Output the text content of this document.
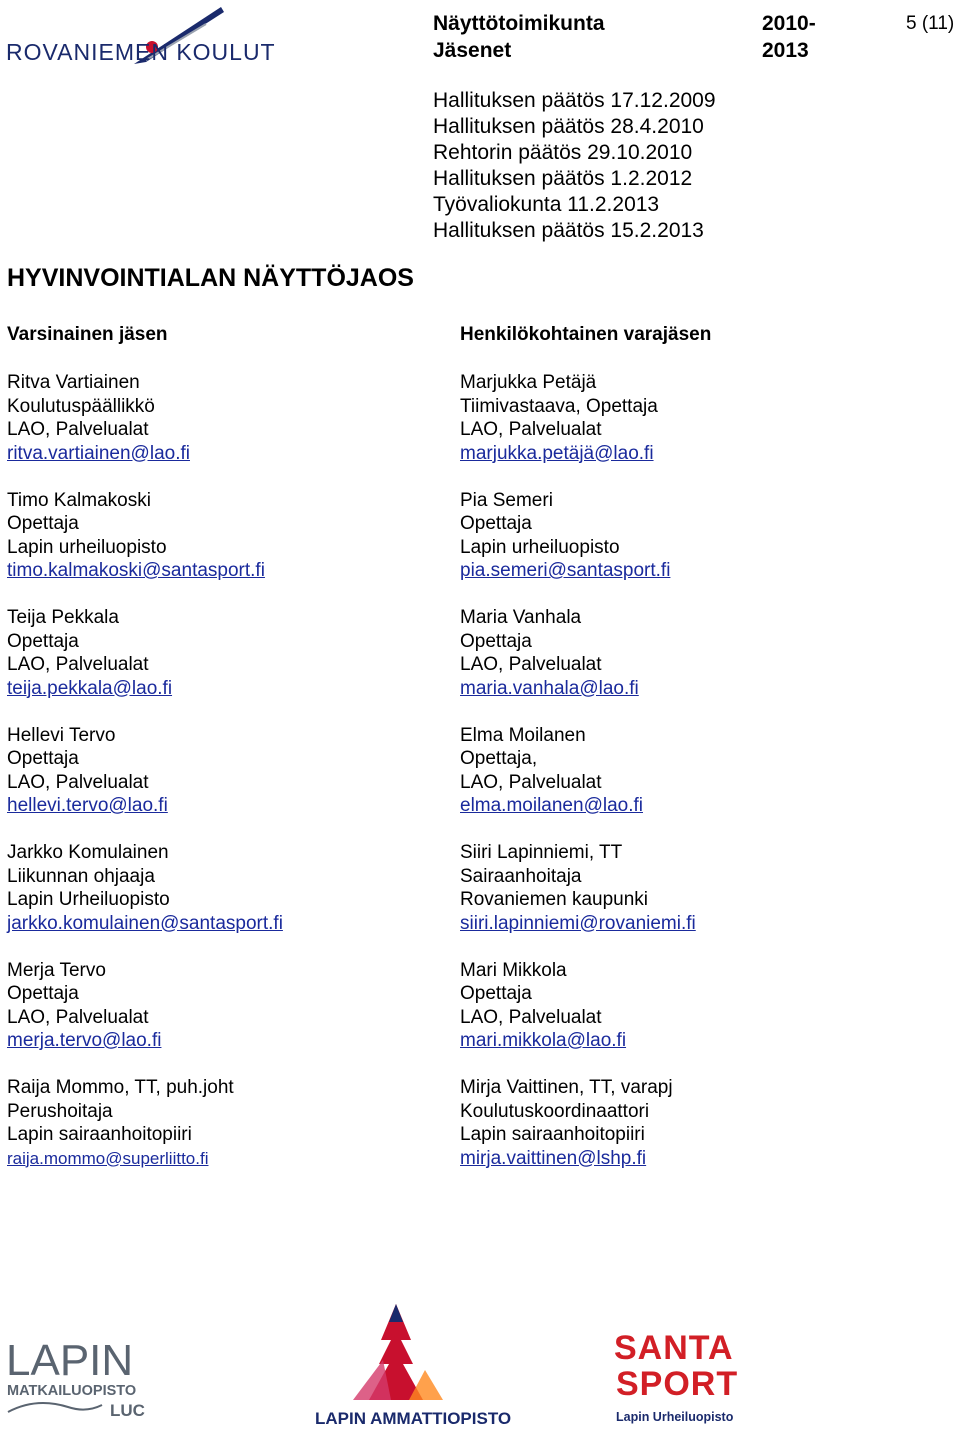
ROVANIEMEN KOULUT
Näyttötoimikunta
Jäsenet
2010-
2013
5 (11)
Hallituksen päätös 17.12.2009
Hallituksen päätös 28.4.2010
Rehtorin päätös 29.10.2010
Hallituksen päätös 1.2.2012
Työvaliokunta 11.2.2013
Hallituksen päätös 15.2.2013
HYVINVOINTIALAN NÄYTTÖJAOS
Varsinainen jäsen	Henkilökohtainen varajäsen
Ritva Vartiainen
Koulutuspäällikkö
LAO, Palvelualat
ritva.vartiainen@lao.fi
Timo Kalmakoski
Opettaja
Lapin urheiluopisto
timo.kalmakoski@santasport.fi
Teija Pekkala
Opettaja
LAO, Palvelualat
teija.pekkala@lao.fi
Hellevi Tervo
Opettaja
LAO, Palvelualat
hellevi.tervo@lao.fi
Jarkko Komulainen
Liikunnan ohjaaja
Lapin Urheiluopisto
jarkko.komulainen@santasport.fi
Merja Tervo
Opettaja
LAO, Palvelualat
merja.tervo@lao.fi
Raija Mommo, TT, puh.joht
Perushoitaja
Lapin sairaanhoitopiiri
raija.mommo@superliitto.fi
Marjukka Petäjä
Tiimivastaava, Opettaja
LAO, Palvelualat
marjukka.petäjä@lao.fi
Pia Semeri
Opettaja
Lapin urheiluopisto
pia.semeri@santasport.fi
Maria Vanhala
Opettaja
LAO, Palvelualat
maria.vanhala@lao.fi
Elma Moilanen
Opettaja,
LAO, Palvelualat
elma.moilanen@lao.fi
Siiri Lapinniemi, TT
Sairaanhoitaja
Rovaniemen kaupunki
siiri.lapinniemi@rovaniemi.fi
Mari Mikkola
Opettaja
LAO, Palvelualat
mari.mikkola@lao.fi
Mirja Vaittinen, TT, varapj
Koulutuskoordinaattori
Lapin sairaanhoitopiiri
mirja.vaittinen@lshp.fi
LAPIN
MATKAILUOPISTO
LUC	LAPIN AMMATTIOPISTO
SANTA
SPORT
Lapin Urheiluopisto
